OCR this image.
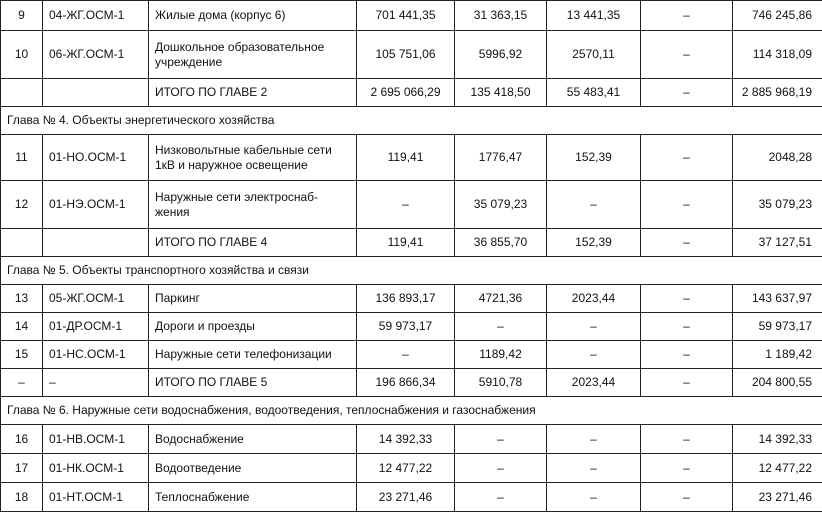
9	04-ЖГ.ОСМ-1	Жилые дома (корпус 6)	701 441,35	31 363,15	13 441,35	–	746 245,86
10	06-ЖГ.ОСМ-1	Дошкольное образовательное учреждение	105 751,06	5996,92	2570,11	–	114 318,09
		ИТОГО ПО ГЛАВЕ 2	2 695 066,29	135 418,50	55 483,41	–	2 885 968,19
Глава № 4. Объекты энергетического хозяйства							
11	01-НО.ОСМ-1	Низковольтные кабельные сети 1кВ и наружное освещение	119,41	1776,47	152,39	–	2048,28
12	01-НЭ.ОСМ-1	Наружные сети электроснаб-жения	–	35 079,23	–	–	35 079,23
		ИТОГО ПО ГЛАВЕ 4	119,41	36 855,70	152,39	–	37 127,51
Глава № 5. Объекты транспортного хозяйства и связи							
13	05-ЖГ.ОСМ-1	Паркинг	136 893,17	4721,36	2023,44	–	143 637,97
14	01-ДР.ОСМ-1	Дороги и проезды	59 973,17	–	–	–	59 973,17
15	01-НС.ОСМ-1	Наружные сети телефонизации	–	1189,42	–	–	1 189,42
–	–	ИТОГО ПО ГЛАВЕ 5	196 866,34	5910,78	2023,44	–	204 800,55
Глава № 6. Наружные сети водоснабжения, водоотведения, теплоснабжения и газоснабжения							
16	01-НВ.ОСМ-1	Водоснабжение	14 392,33	–	–	–	14 392,33
17	01-НК.ОСМ-1	Водоотведение	12 477,22	–	–	–	12 477,22
18	01-НТ.ОСМ-1	Теплоснабжение	23 271,46	–	–	–	23 271,46
